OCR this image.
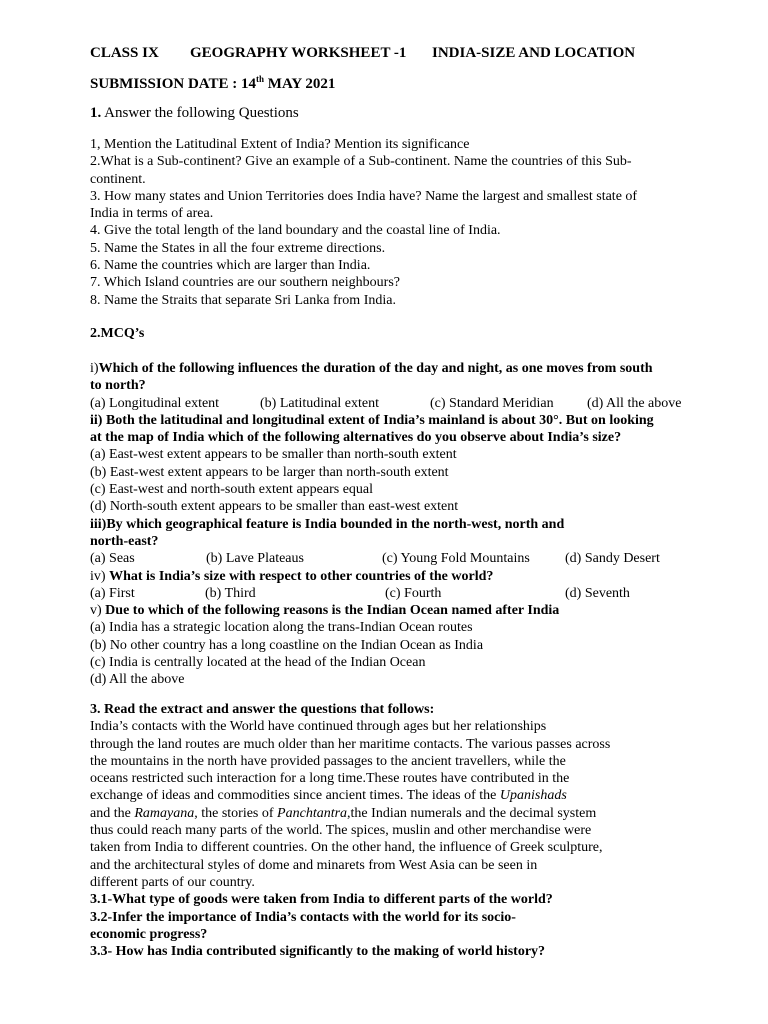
CLASS IX GEOGRAPHY WORKSHEET -1 INDIA-SIZE AND LOCATION

SUBMISSION DATE : 14th MAY 2021

1. Answer the following Questions

1, Mention the Latitudinal Extent of India? Mention its significance
2.What is a Sub-continent? Give an example of a Sub-continent. Name the countries of this Sub-
continent.
3. How many states and Union Territories does India have? Name the largest and smallest state of
India in terms of area.
4. Give the total length of the land boundary and the coastal line of India.
5. Name the States in all the four extreme directions.
6. Name the countries which are larger than India.
7. Which Island countries are our southern neighbours?
8. Name the Straits that separate Sri Lanka from India.

2.MCQ’s

i)Which of the following influences the duration of the day and night, as one moves from south
to north?
(a) Longitudinal extent	(b) Latitudinal extent	(c) Standard Meridian (d) All the above
ii) Both the latitudinal and longitudinal extent of India’s mainland is about 30°. But on looking
at the map of India which of the following alternatives do you observe about India’s size?
(a) East-west extent appears to be smaller than north-south extent
(b) East-west extent appears to be larger than north-south extent
(c) East-west and north-south extent appears equal
(d) North-south extent appears to be smaller than east-west extent
iii)By which geographical feature is India bounded in the north-west, north and
north-east?
(a) Seas	(b) Lave Plateaus	(c) Young Fold Mountains	(d) Sandy Desert
iv) What is India’s size with respect to other countries of the world?
(a) First	(b) Third	(c) Fourth	(d) Seventh
v) Due to which of the following reasons is the Indian Ocean named after India
(a) India has a strategic location along the trans-Indian Ocean routes
(b) No other country has a long coastline on the Indian Ocean as India
(c) India is centrally located at the head of the Indian Ocean
(d) All the above
3. Read the extract and answer the questions that follows:
India’s contacts with the World have continued through ages but her relationships
through the land routes are much older than her maritime contacts. The various passes across
the mountains in the north have provided passages to the ancient travellers, while the
oceans restricted such interaction for a long time.These routes have contributed in the
exchange of ideas and commodities since ancient times. The ideas of the Upanishads
and the Ramayana, the stories of Panchtantra,the Indian numerals and the decimal system
thus could reach many parts of the world. The spices, muslin and other merchandise were
taken from India to different countries. On the other hand, the influence of Greek sculpture,
and the architectural styles of dome and minarets from West Asia can be seen in
different parts of our country.
3.1-What type of goods were taken from India to different parts of the world?
3.2-Infer the importance of India’s contacts with the world for its socio-
economic progress?
3.3- How has India contributed significantly to the making of world history?
